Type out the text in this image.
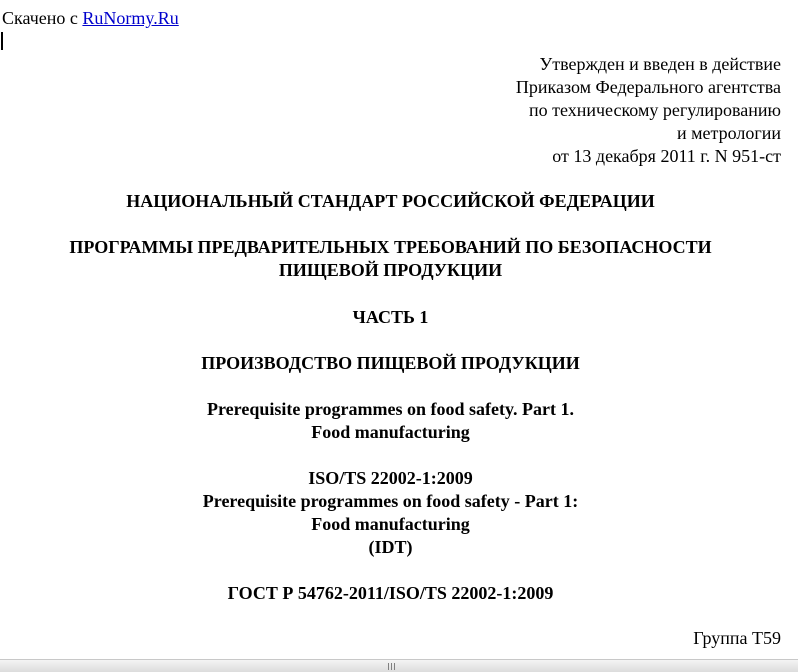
Скачено с RuNormy.Ru
Утвержден и введен в действие
Приказом Федерального агентства
по техническому регулированию
и метрологии
от 13 декабря 2011 г. N 951-ст
НАЦИОНАЛЬНЫЙ СТАНДАРТ РОССИЙСКОЙ ФЕДЕРАЦИИ
ПРОГРАММЫ ПРЕДВАРИТЕЛЬНЫХ ТРЕБОВАНИЙ ПО БЕЗОПАСНОСТИ
ПИЩЕВОЙ ПРОДУКЦИИ
ЧАСТЬ 1
ПРОИЗВОДСТВО ПИЩЕВОЙ ПРОДУКЦИИ
Prerequisite programmes on food safety. Part 1.
Food manufacturing
ISO/TS 22002-1:2009
Prerequisite programmes on food safety - Part 1:
Food manufacturing
(IDT)
ГОСТ Р 54762-2011/ISO/TS 22002-1:2009
Группа Т59
